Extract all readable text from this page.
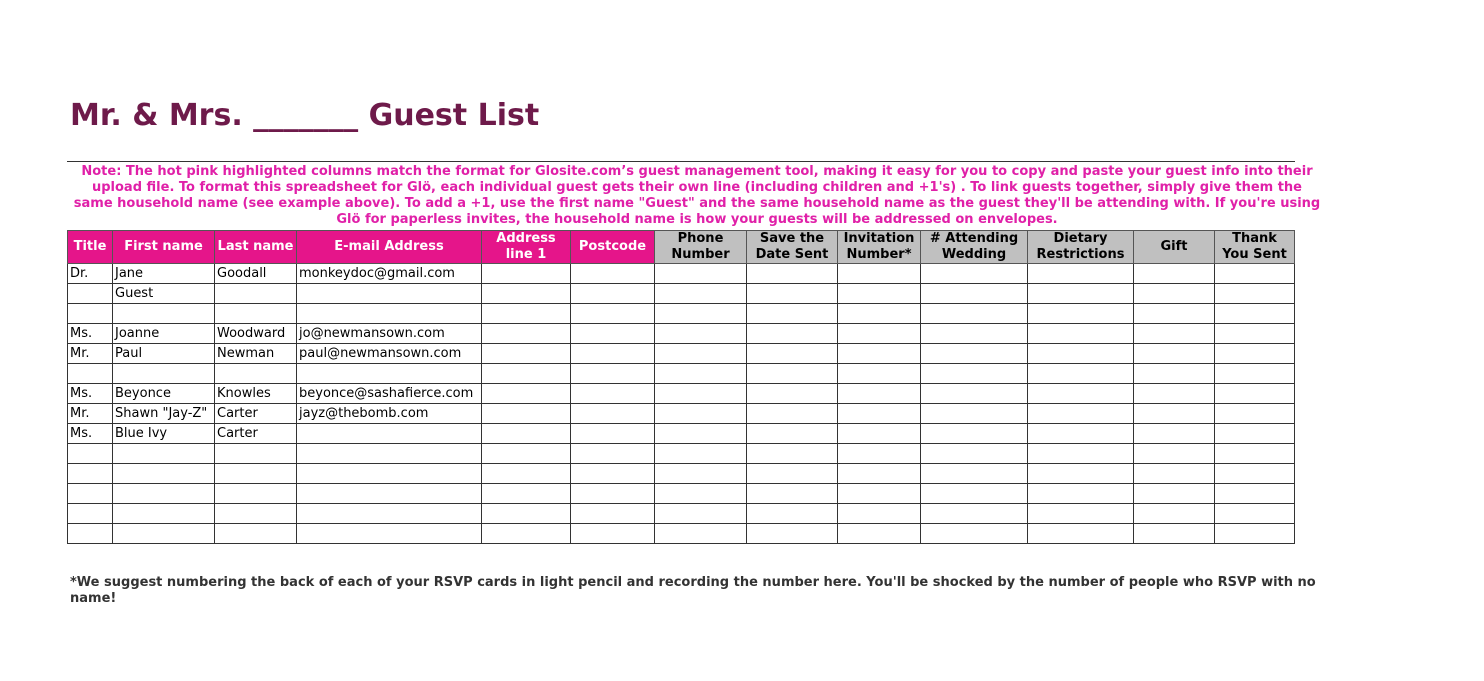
Mr. & Mrs. _______ Guest List
Note: The hot pink highlighted columns match the format for Glosite.com’s guest management tool, making it easy for you to copy and paste your guest info into their upload file. To format this spreadsheet for Glö, each individual guest gets their own line (including children and +1's) . To link guests together, simply give them the same household name (see example above). To add a +1, use the first name "Guest" and the same household name as the guest they'll be attending with. If you're using Glö for paperless invites, the household name is how your guests will be addressed on envelopes.
Title	First name	Last name	E-mail Address	Address line 1	Postcode	Phone Number	Save the Date Sent	Invitation Number*	# Attending Wedding	Dietary Restrictions	Gift	Thank You Sent
Dr.	Jane	Goodall	monkeydoc@gmail.com									
	Guest											

Ms.	Joanne	Woodward	jo@newmansown.com									
Mr.	Paul	Newman	paul@newmansown.com									

Ms.	Beyonce	Knowles	beyonce@sashafierce.com									
Mr.	Shawn "Jay-Z"	Carter	jayz@thebomb.com									
Ms.	Blue Ivy	Carter										

*We suggest numbering the back of each of your RSVP cards in light pencil and recording the number here. You'll be shocked by the number of people who RSVP with no name!
